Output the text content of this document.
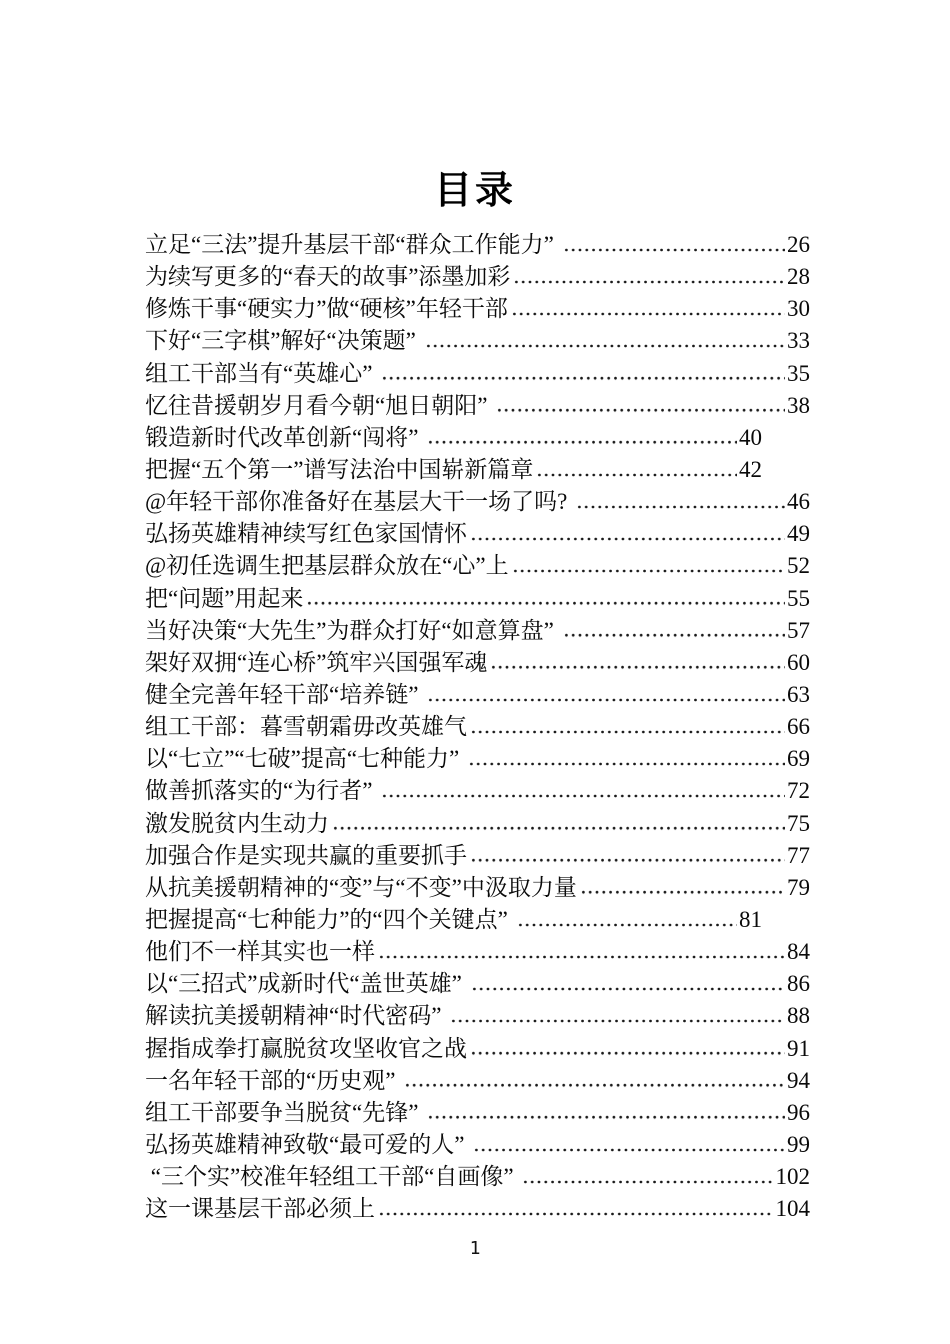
目录
立足“三法”提升基层干部“群众工作能力”	26
为续写更多的“春天的故事”添墨加彩	28
修炼干事“硬实力”做“硬核”年轻干部	30
下好“三字棋”解好“决策题”	33
组工干部当有“英雄心”	35
忆往昔援朝岁月看今朝“旭日朝阳”	38
锻造新时代改革创新“闯将”	40
把握“五个第一”谱写法治中国崭新篇章	42
@年轻干部你准备好在基层大干一场了吗?	46
弘扬英雄精神续写红色家国情怀	49
@初任选调生把基层群众放在“心”上	52
把“问题”用起来	55
当好决策“大先生”为群众打好“如意算盘”	57
架好双拥“连心桥”筑牢兴国强军魂	60
健全完善年轻干部“培养链”	63
组工干部：暮雪朝霜毋改英雄气	66
以“七立”“七破”提高“七种能力”	69
做善抓落实的“为行者”	72
激发脱贫内生动力	75
加强合作是实现共赢的重要抓手	77
从抗美援朝精神的“变”与“不变”中汲取力量	79
把握提高“七种能力”的“四个关键点”	81
他们不一样其实也一样	84
以“三招式”成新时代“盖世英雄”	86
解读抗美援朝精神“时代密码”	88
握指成拳打赢脱贫攻坚收官之战	91
一名年轻干部的“历史观”	94
组工干部要争当脱贫“先锋”	96
弘扬英雄精神致敬“最可爱的人”	99
“三个实”校准年轻组工干部“自画像”	102
这一课基层干部必须上	104
1
